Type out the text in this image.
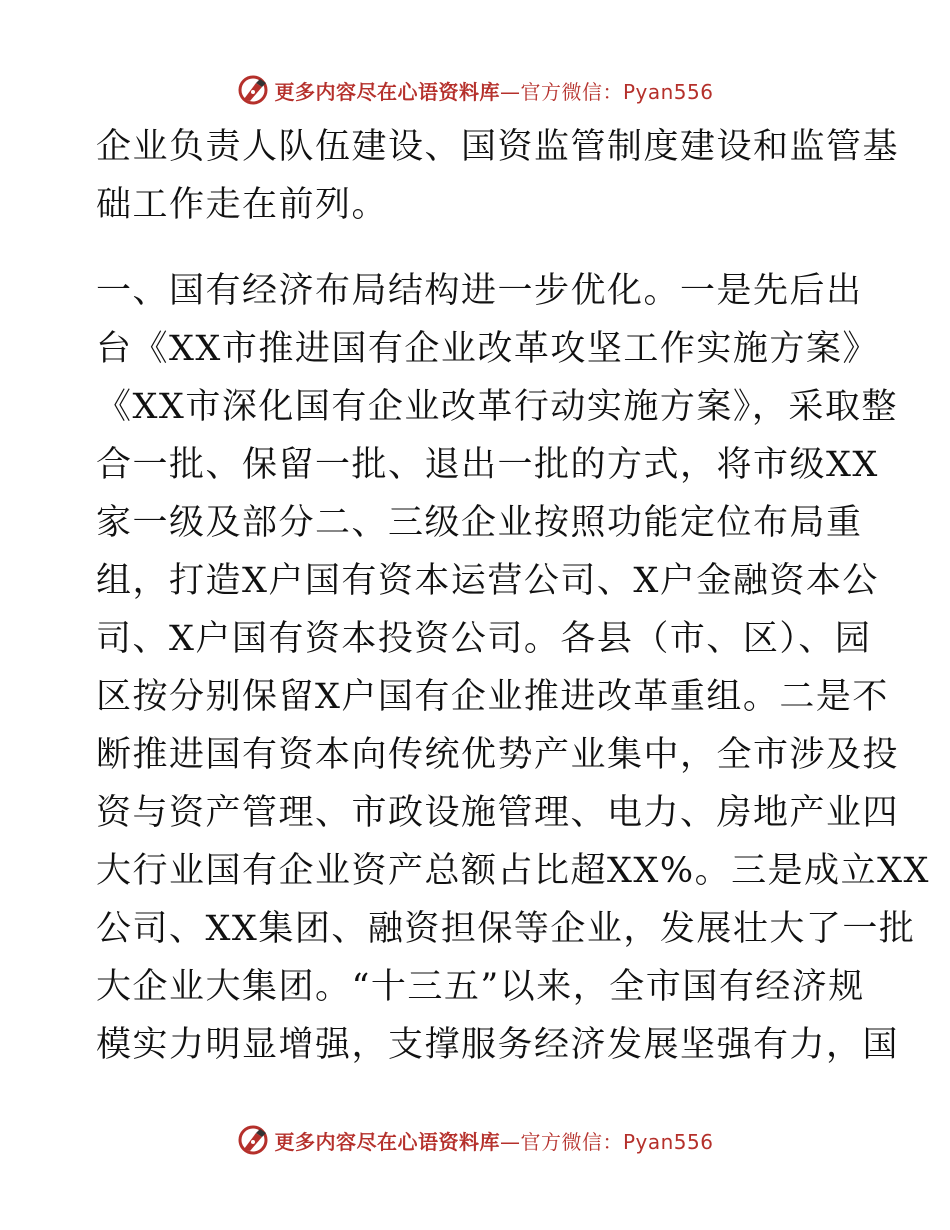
更多内容尽在心语资料库—官方微信：Pyan556
企业负责人队伍建设、国资监管制度建设和监管基
础工作走在前列。
一、国有经济布局结构进一步优化。一是先后出
台《XX市推进国有企业改革攻坚工作实施方案》
《XX市深化国有企业改革行动实施方案》，采取整
合一批、保留一批、退出一批的方式，将市级XX
家一级及部分二、三级企业按照功能定位布局重
组，打造X户国有资本运营公司、X户金融资本公
司、X户国有资本投资公司。各县（市、区）、园
区按分别保留X户国有企业推进改革重组。二是不
断推进国有资本向传统优势产业集中，全市涉及投
资与资产管理、市政设施管理、电力、房地产业四
大行业国有企业资产总额占比超XX%。三是成立XX
公司、XX集团、融资担保等企业，发展壮大了一批
大企业大集团。“十三五”以来，全市国有经济规
模实力明显增强，支撑服务经济发展坚强有力，国
更多内容尽在心语资料库—官方微信：Pyan556
